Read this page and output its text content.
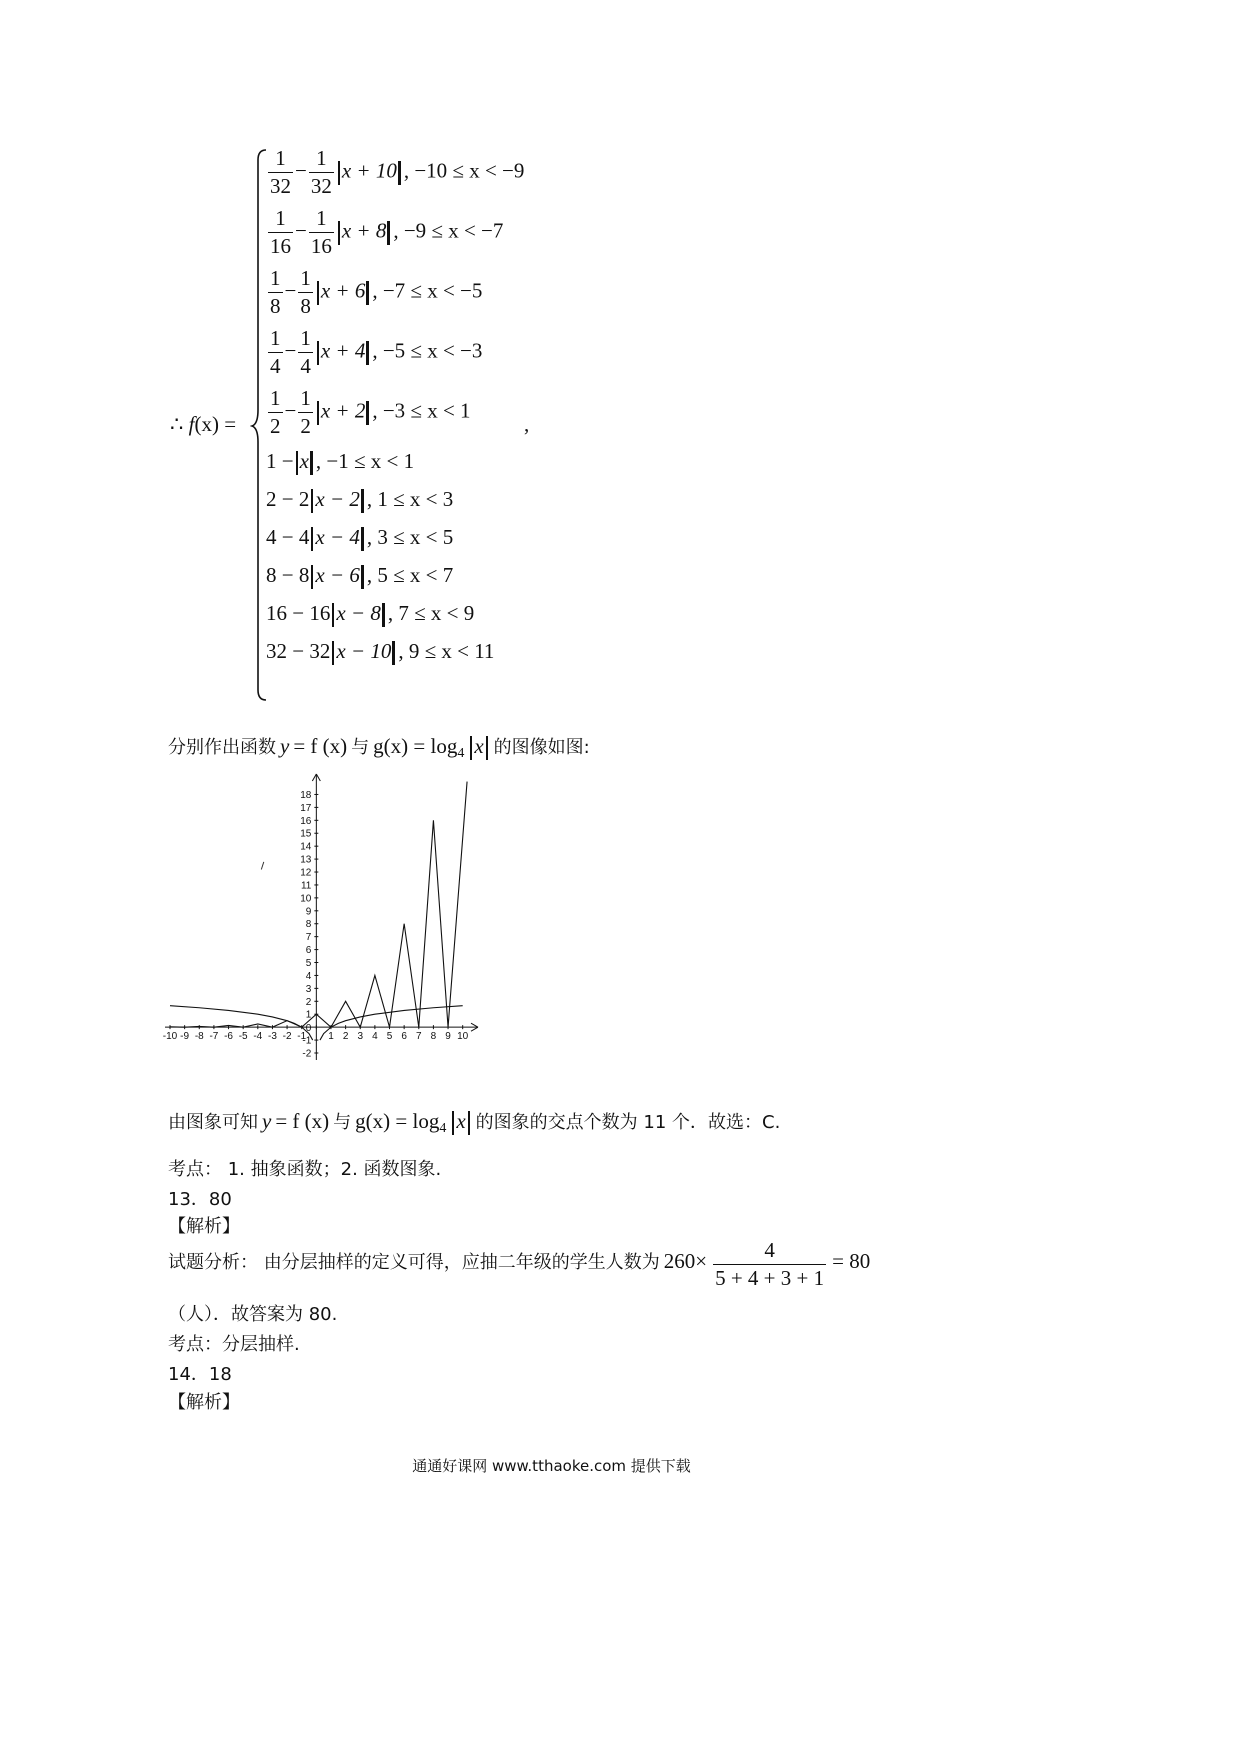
∴ f(x) =
$\frac{1}{32} - \frac{1}{32}$ x + 10 , −10 ≤ x < −9
$\frac{1}{16} - \frac{1}{16}$ x + 8 , −9 ≤ x < −7
$\frac{1}{8} - \frac{1}{8}$ x + 6 , −7 ≤ x < −5
$\frac{1}{4} - \frac{1}{4}$ x + 4 , −5 ≤ x < −3
$\frac{1}{2} - \frac{1}{2}$ x + 2 , −3 ≤ x < 1
1 − x , −1 ≤ x < 1
2 − 2 x − 2 , 1 ≤ x < 3
4 − 4 x − 4 , 3 ≤ x < 5
8 − 8 x − 6 , 5 ≤ x < 7
16 − 16 x − 8 , 7 ≤ x < 9
32 − 32 x − 10 , 9 ≤ x < 11
,
分别作出函数 y = f (x) 与 $g(x) = \log_4 x$ 的图像如图:
-10 -9 -8 -7 -6 -5 -4 -3 -2 -1 1 2 3 4 5 6 7 8 9 10
-2
-1
1
2
3
4
5
6
7
8
9
10
11
12
13
14
15
16
17
18
0
由图象可知 y = f (x) 与 $g(x) = \log_4 x$ 的图象的交点个数为 11 个．故选：C.
考点： 1. 抽象函数；2. 函数图象.
13．80
【解析】
试题分析： 由分层抽样的定义可得，应抽二年级的学生人数为 $260\times \frac{4}{5 + 4 + 3 + 1} = 80$
（人）．故答案为 80.
考点：分层抽样.
14．18
【解析】
通通好课网 www.tthaoke.com 提供下载
